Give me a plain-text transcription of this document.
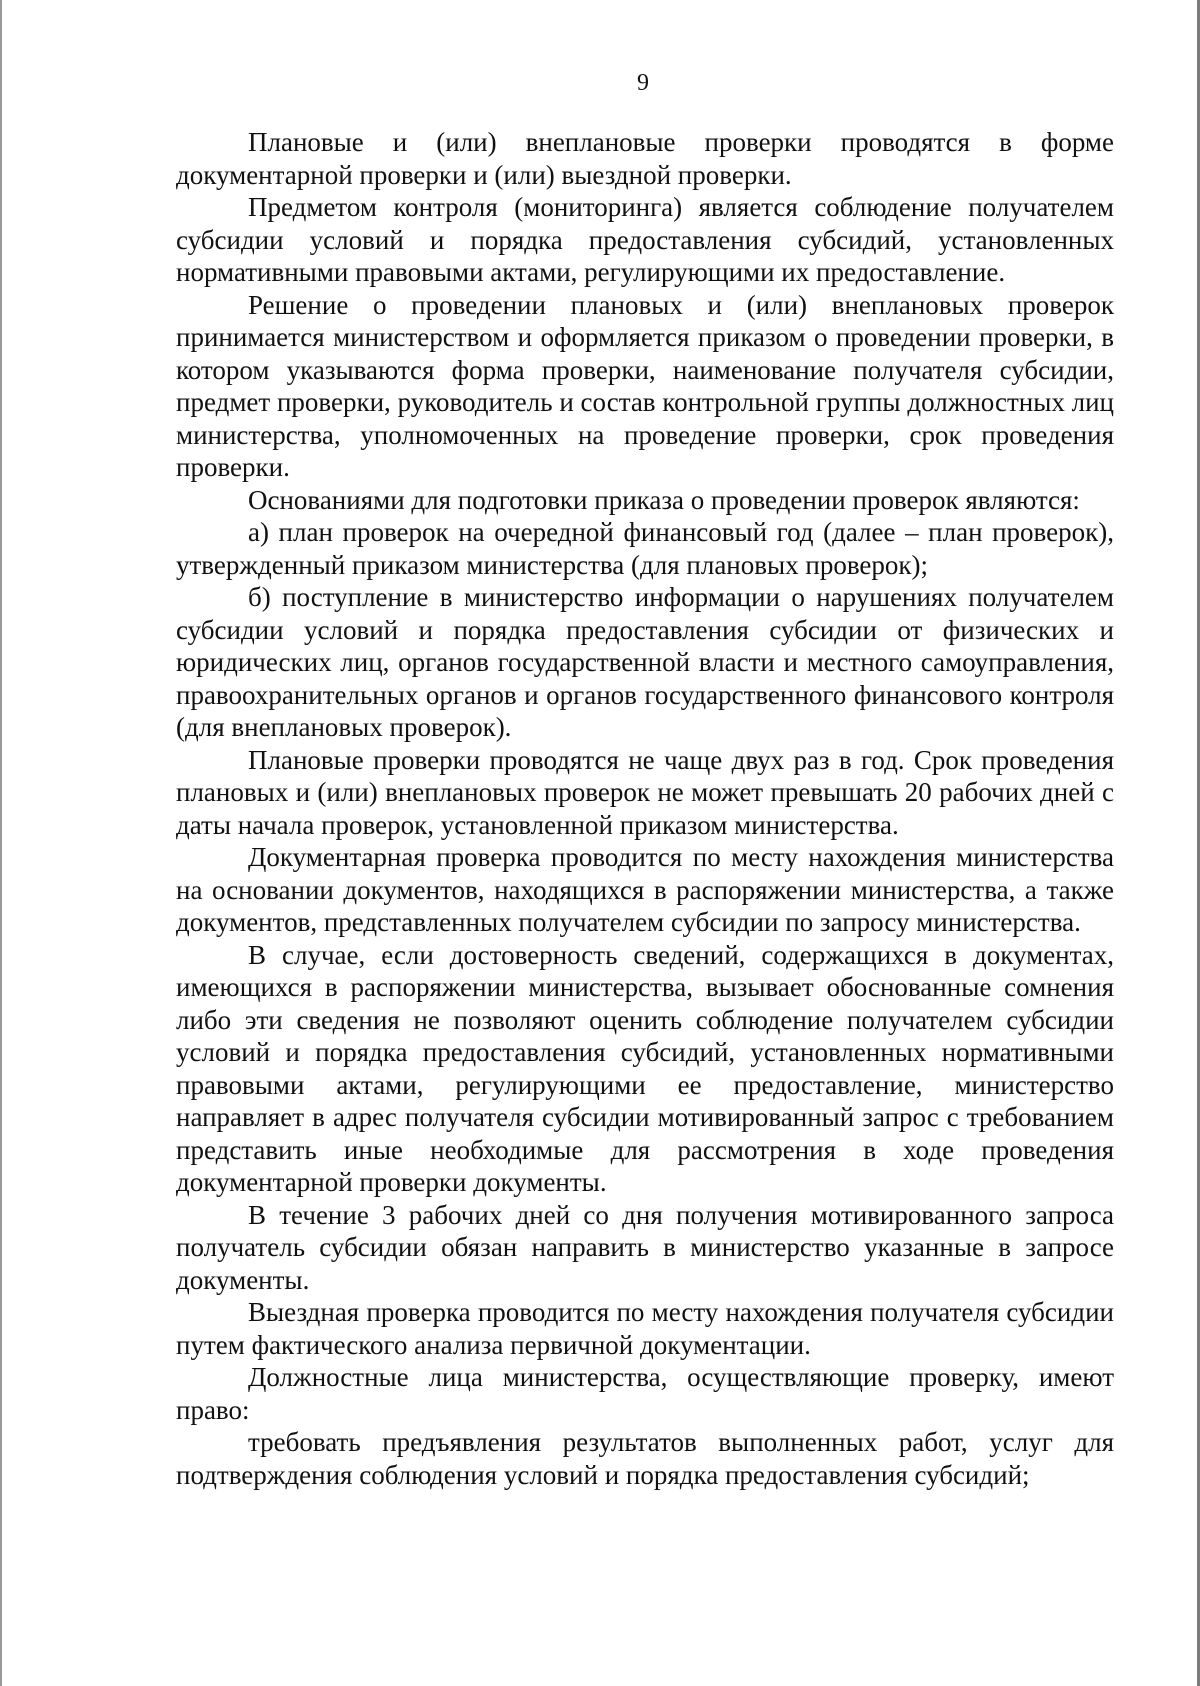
9

Плановые и (или) внеплановые проверки проводятся в форме документарной проверки и (или) выездной проверки.

Предметом контроля (мониторинга) является соблюдение получателем субсидии условий и порядка предоставления субсидий, установленных нормативными правовыми актами, регулирующими их предоставление.

Решение о проведении плановых и (или) внеплановых проверок принимается министерством и оформляется приказом о проведении проверки, в котором указываются форма проверки, наименование получателя субсидии, предмет проверки, руководитель и состав контрольной группы должностных лиц министерства, уполномоченных на проведение проверки, срок проведения проверки.

Основаниями для подготовки приказа о проведении проверок являются:

а) план проверок на очередной финансовый год (далее – план проверок), утвержденный приказом министерства (для плановых проверок);

б) поступление в министерство информации о нарушениях получателем субсидии условий и порядка предоставления субсидии от физических и юридических лиц, органов государственной власти и местного самоуправления, правоохранительных органов и органов государственного финансового контроля (для внеплановых проверок).

Плановые проверки проводятся не чаще двух раз в год. Срок проведения плановых и (или) внеплановых проверок не может превышать 20 рабочих дней с даты начала проверок, установленной приказом министерства.

Документарная проверка проводится по месту нахождения министерства на основании документов, находящихся в распоряжении министерства, а также документов, представленных получателем субсидии по запросу министерства.

В случае, если достоверность сведений, содержащихся в документах, имеющихся в распоряжении министерства, вызывает обоснованные сомнения либо эти сведения не позволяют оценить соблюдение получателем субсидии условий и порядка предоставления субсидий, установленных нормативными правовыми актами, регулирующими ее предоставление, министерство направляет в адрес получателя субсидии мотивированный запрос с требованием представить иные необходимые для рассмотрения в ходе проведения документарной проверки документы.

В течение 3 рабочих дней со дня получения мотивированного запроса получатель субсидии обязан направить в министерство указанные в запросе документы.

Выездная проверка проводится по месту нахождения получателя субсидии путем фактического анализа первичной документации.

Должностные лица министерства, осуществляющие проверку, имеют право:

требовать предъявления результатов выполненных работ, услуг для подтверждения соблюдения условий и порядка предоставления субсидий;
